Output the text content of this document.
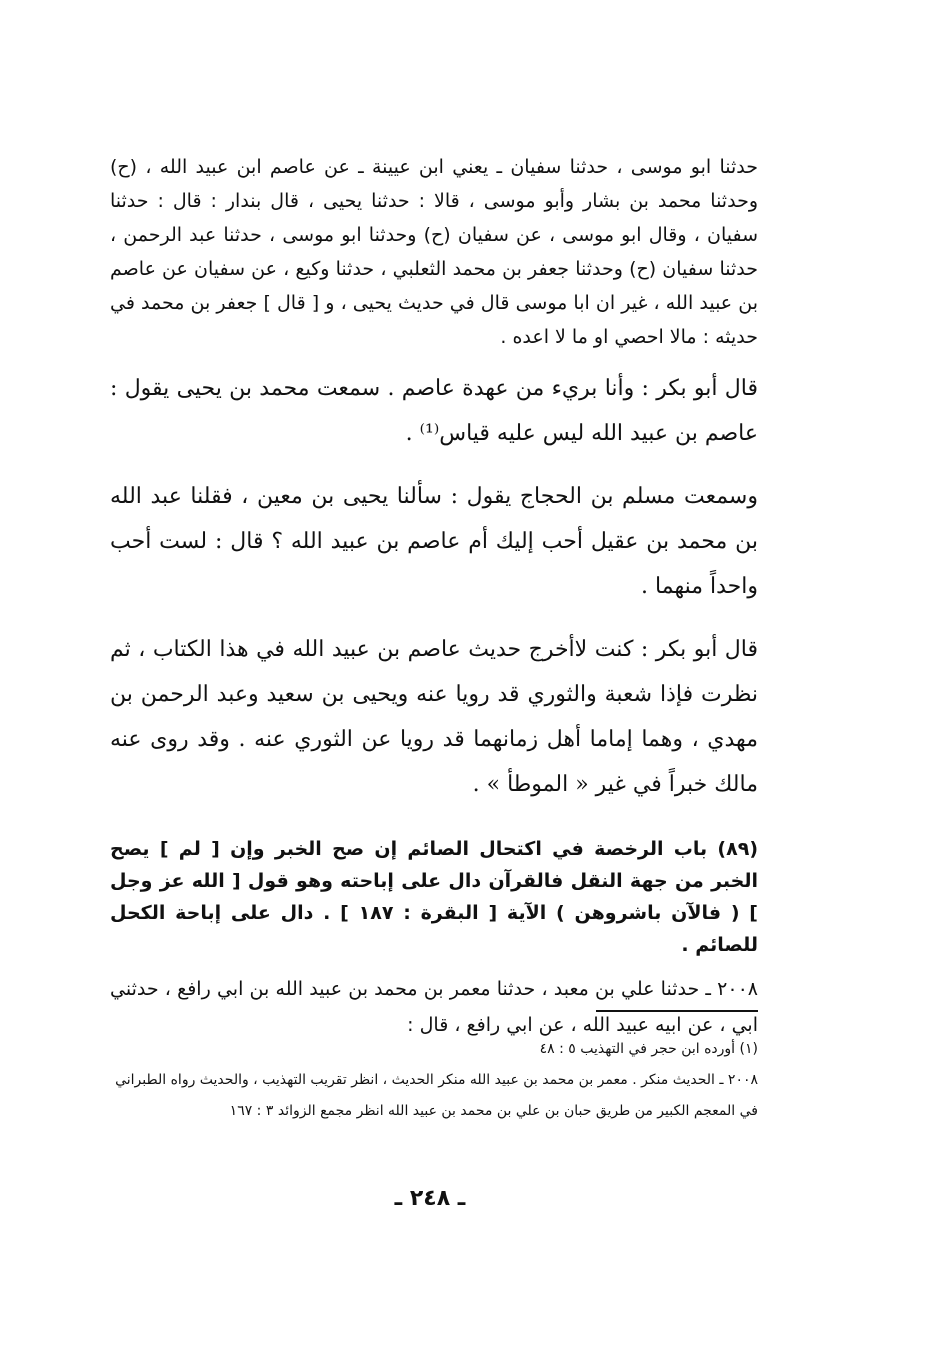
حدثنا ابو موسى ، حدثنا سفيان ـ يعني ابن عيينة ـ عن عاصم ابن عبيد الله ، (ح) وحدثنا محمد بن بشار وأبو موسى ، قالا : حدثنا يحيى ، قال بندار : قال : حدثنا سفيان ، وقال ابو موسى ، عن سفيان (ح) وحدثنا ابو موسى ، حدثنا عبد الرحمن ، حدثنا سفيان (ح) وحدثنا جعفر بن محمد الثعلبي ، حدثنا وكيع ، عن سفيان عن عاصم بن عبيد الله ، غير ان ابا موسى قال في حديث يحيى ، و [ قال ] جعفر بن محمد في حديثه : مالا احصي او ما لا اعده .

قال أبو بكر : وأنا بريء من عهدة عاصم . سمعت محمد بن يحيى يقول : عاصم بن عبيد الله ليس عليه قياس⁽¹⁾ .

وسمعت مسلم بن الحجاج يقول : سألنا يحيى بن معين ، فقلنا عبد الله بن محمد بن عقيل أحب إليك أم عاصم بن عبيد الله ؟ قال : لست أحب واحداً منهما .

قال أبو بكر : كنت لاأخرج حديث عاصم بن عبيد الله في هذا الكتاب ، ثم نظرت فإذا شعبة والثوري قد رويا عنه ويحيى بن سعيد وعبد الرحمن بن مهدي ، وهما إماما أهل زمانهما قد رويا عن الثوري عنه . وقد روى عنه مالك خبراً في غير « الموطأ » .

(٨٩) باب الرخصة في اكتحال الصائم إن صح الخبر وإن [ لم ] يصح الخبر من جهة النقل فالقرآن دال على إباحته وهو قول [ الله عز وجل ] ( فالآن باشروهن ) الآية [ البقرة : ١٨٧ ] . دال على إباحة الكحل للصائم .

٢٠٠٨ ـ حدثنا علي بن معبد ، حدثنا معمر بن محمد بن عبيد الله بن ابي رافع ، حدثني ابي ، عن ابيه عبيد الله ، عن ابي رافع ، قال :

(١) أورده ابن حجر في التهذيب ٥ : ٤٨

٢٠٠٨ ـ الحديث منكر . معمر بن محمد بن عبيد الله منكر الحديث ، انظر تقريب التهذيب ، والحديث رواه الطبراني في المعجم الكبير من طريق حبان بن علي بن محمد بن عبيد الله انظر مجمع الزوائد ٣ : ١٦٧

ـ ٢٤٨ ـ
